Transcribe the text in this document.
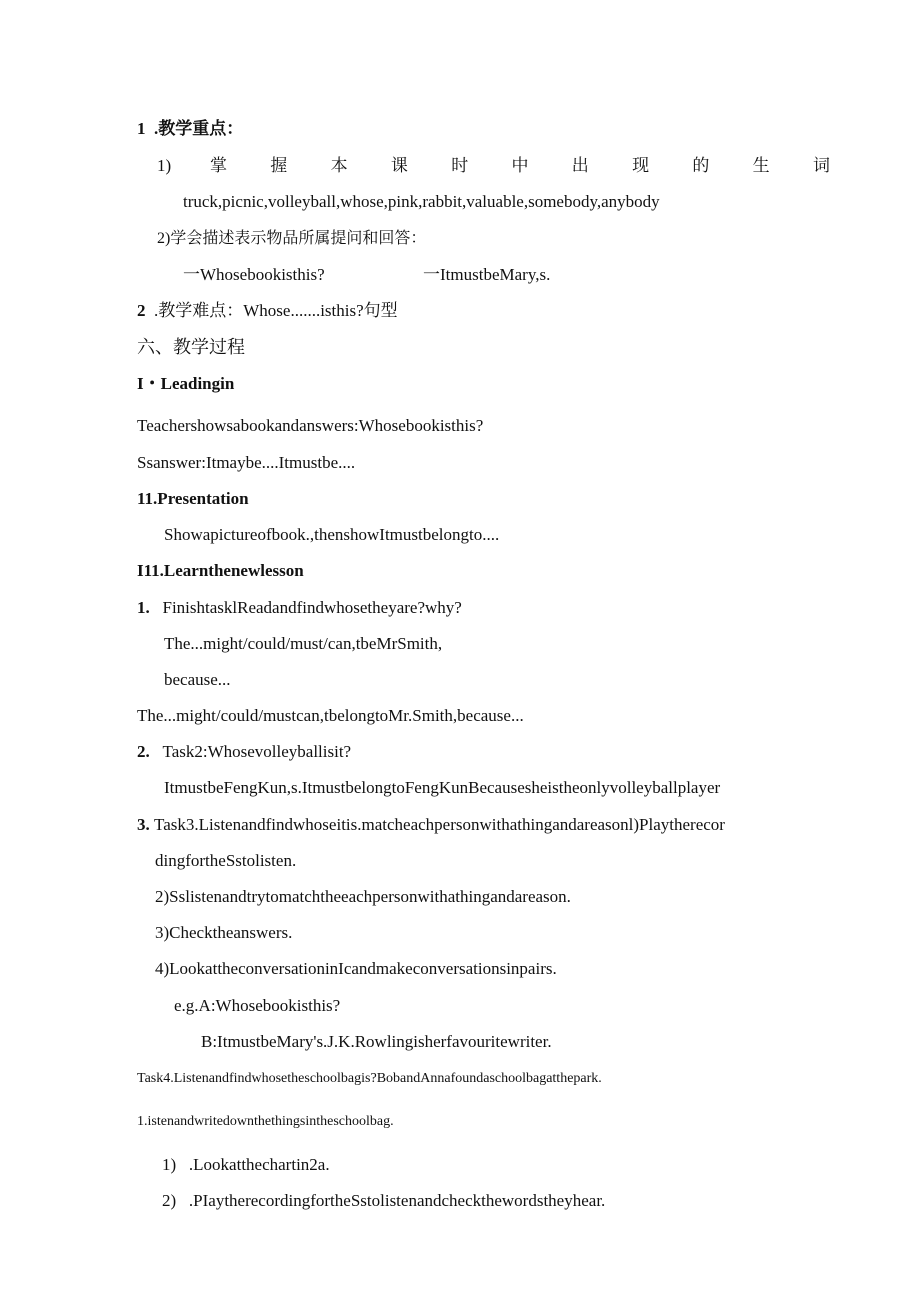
1 .教学重点：
1) 掌	握	本	课	时	中	出	现	的	生	词
truck,picnic,volleyball,whose,pink,rabbit,valuable,somebody,anybody
2)学会描述表示物品所属提问和回答：
一Whosebookisthis?	一ItmustbeMary,s.
2 .教学难点：Whose.......isthis?句型
六、教学过程
I・Leadingin
Teachershowsabookandanswers:Whosebookisthis?
Ssanswer:Itmaybe....Itmustbe....
11.Presentation
Showapictureofbook.,thenshowItmustbelongto....
I11.Learnthenewlesson
1. FinishtasklReadandfindwhosetheyare?why?
The...might/could/must/can,tbeMrSmith,
because...
The...might/could/mustcan,tbelongtoMr.Smith,because...
2. Task2:Whosevolleyballisit?
ItmustbeFengKun,s.ItmustbelongtoFengKunBecausesheistheonlyvolleyballplayer
3. Task3.Listenandfindwhoseitis.matcheachpersonwithathingandareasonl)Playtherecor
dingfortheSstolisten.
2)Sslistenandtrytomatchtheeachpersonwithathingandareason.
3)Checktheanswers.
4)LookattheconversationinIcandmakeconversationsinpairs.
e.g.A:Whosebookisthis?
B:ItmustbeMary's.J.K.Rowlingisherfavouritewriter.
Task4.Listenandfindwhosetheschoolbagis?BobandAnnafoundaschoolbagatthepark.
1.istenandwritedownthethingsintheschoolbag.
1) .Lookatthechartin2a.
2) .PIaytherecordingfortheSstolistenandcheckthewordstheyhear.
